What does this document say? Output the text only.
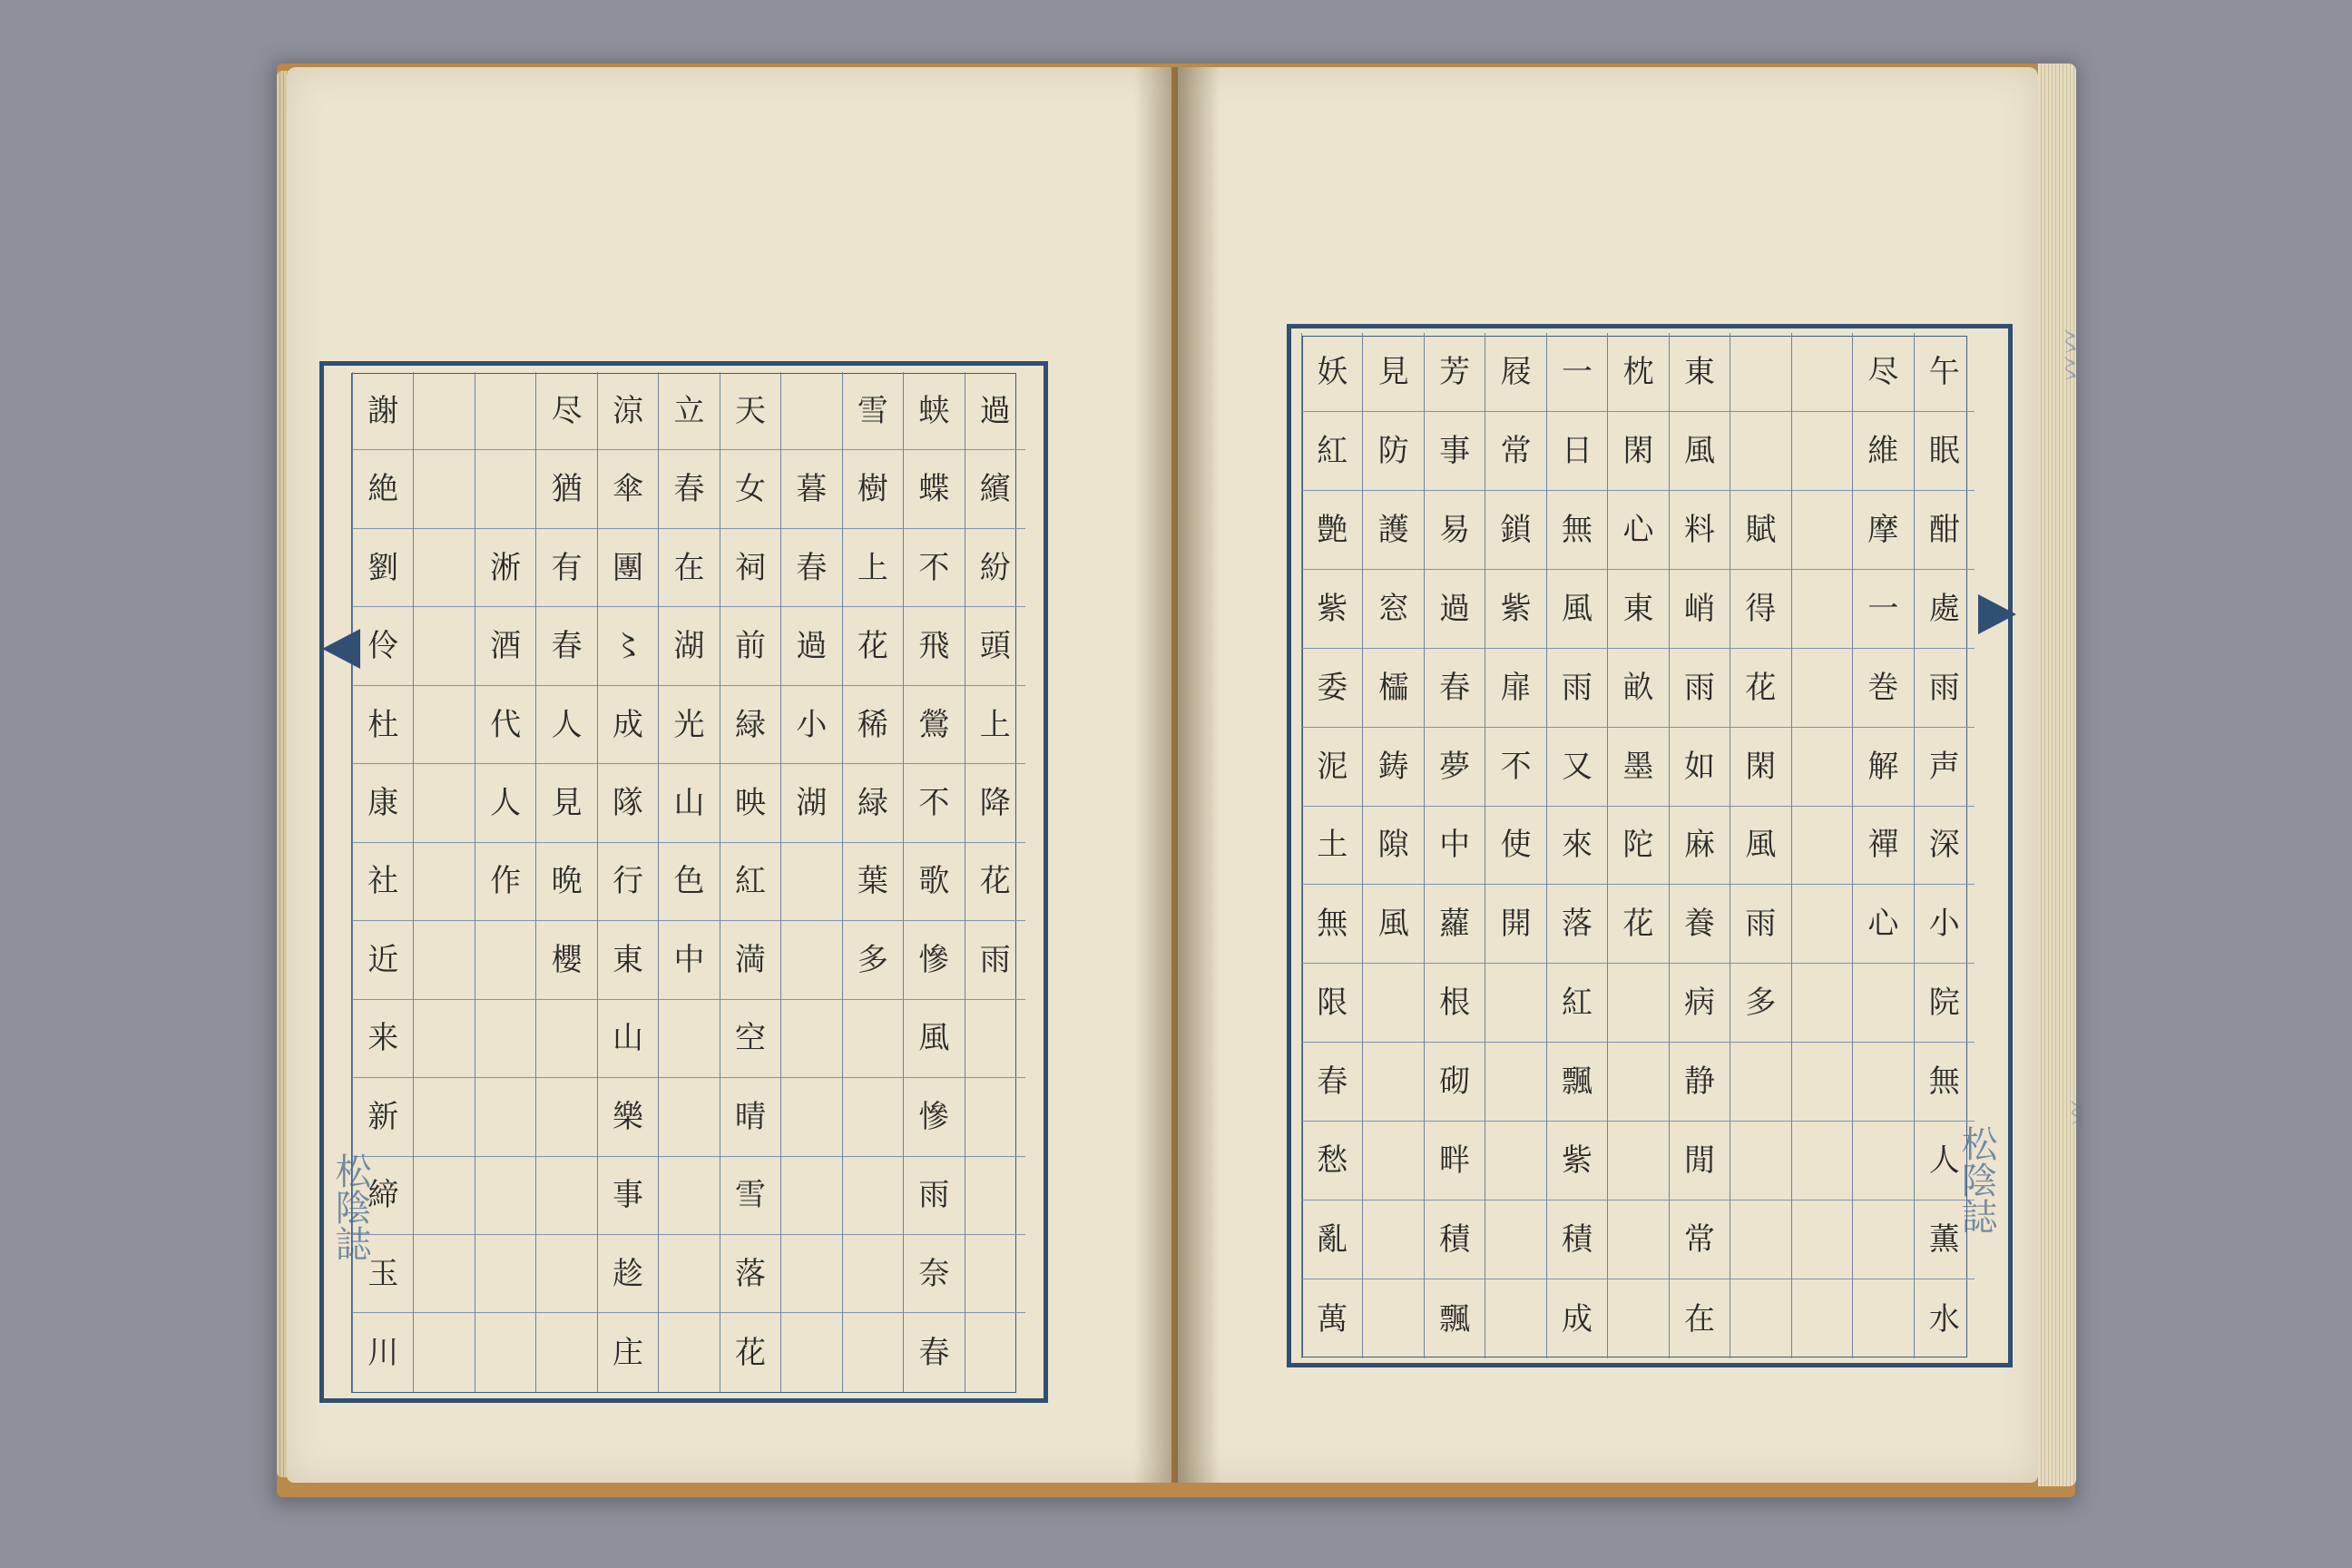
〻〻
〻
過
繽
紛
頭
上
降
花
雨
蛱
蝶
不
飛
鶯
不
歌
慘
風
慘
雨
奈
春
雪
樹
上
花
稀
緑
葉
多
暮
春
過
小
湖
天
女
祠
前
緑
映
紅
満
空
晴
雪
落
花
立
春
在
湖
光
山
色
中
涼
傘
團
〻
成
隊
行
東
山
樂
事
趁
庄
尽
猶
有
春
人
見
晩
櫻
淅
酒
代
人
作
謝
絶
劉
伶
杜
康
社
近
来
新
締
玉
川
松陰誌
午
眠
酣
處
雨
声
深
小
院
無
人
薫
水
尽
維
摩
一
巻
解
禪
心
賦
得
花
閑
風
雨
多
東
風
料
峭
雨
如
麻
養
病
静
閒
常
在
枕
閑
心
東
畝
墨
陀
花
一
日
無
風
雨
又
來
落
紅
飄
紫
積
成
屐
常
鎖
紫
扉
不
使
開
芳
事
易
過
春
夢
中
蘿
根
砌
畔
積
飄
見
防
護
窓
櫺
鋳
隙
風
妖
紅
艶
紫
委
泥
土
無
限
春
愁
亂
萬
松陰誌
